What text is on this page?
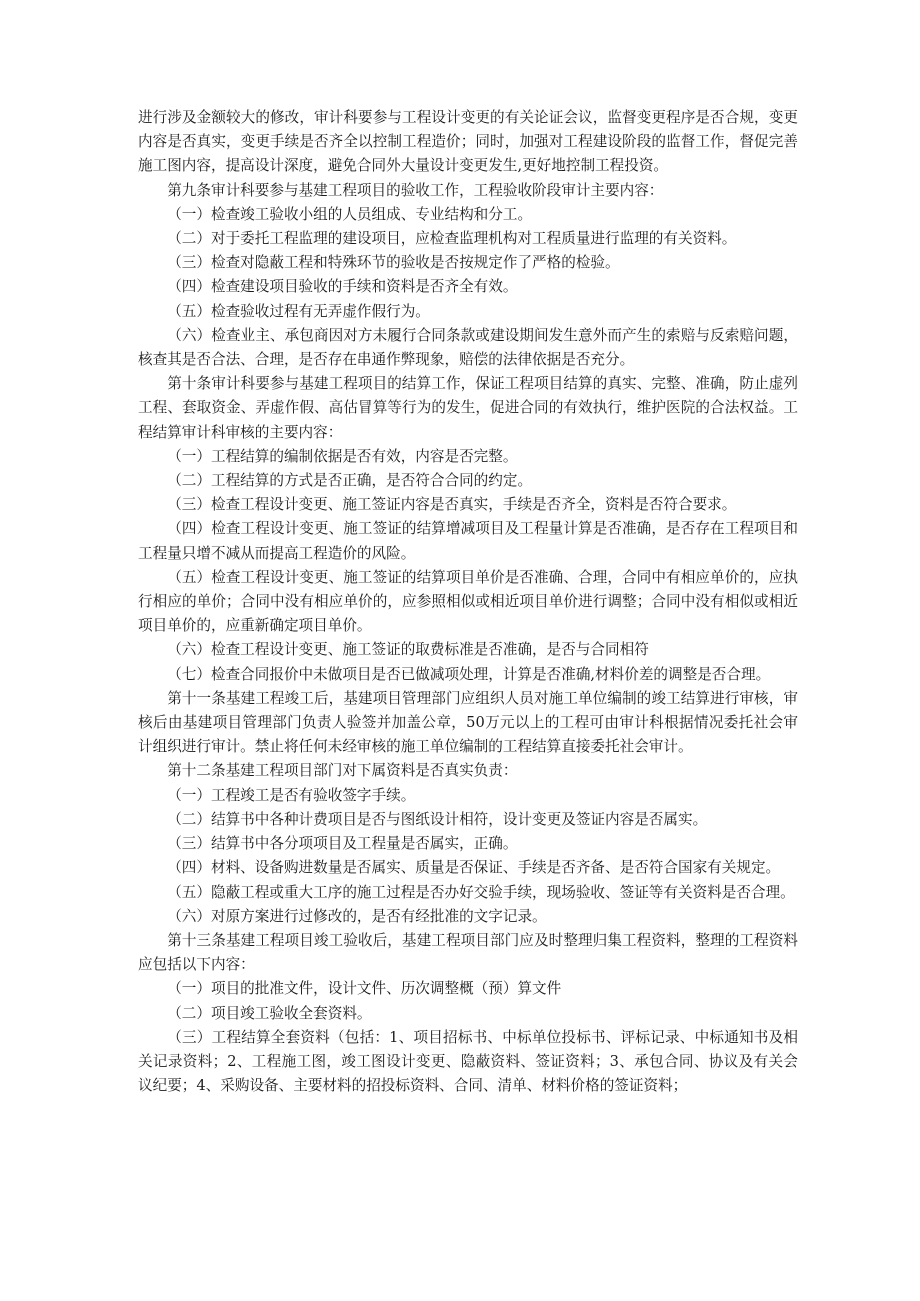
进行涉及金额较大的修改，审计科要参与工程设计变更的有关论证会议，监督变更程序是否合规，变更内容是否真实，变更手续是否齐全以控制工程造价；同时，加强对工程建设阶段的监督工作，督促完善施工图内容，提高设计深度，避免合同外大量设计变更发生,更好地控制工程投资。

第九条审计科要参与基建工程项目的验收工作，工程验收阶段审计主要内容：

（一）检查竣工验收小组的人员组成、专业结构和分工。

（二）对于委托工程监理的建设项目，应检查监理机构对工程质量进行监理的有关资料。

（三）检查对隐蔽工程和特殊环节的验收是否按规定作了严格的检验。

（四）检查建设项目验收的手续和资料是否齐全有效。

（五）检查验收过程有无弄虚作假行为。

（六）检查业主、承包商因对方未履行合同条款或建设期间发生意外而产生的索赔与反索赔问题，核查其是否合法、合理，是否存在串通作弊现象，赔偿的法律依据是否充分。

第十条审计科要参与基建工程项目的结算工作，保证工程项目结算的真实、完整、准确，防止虚列工程、套取资金、弄虚作假、高估冒算等行为的发生，促进合同的有效执行，维护医院的合法权益。工程结算审计科审核的主要内容：

（一）工程结算的编制依据是否有效，内容是否完整。

（二）工程结算的方式是否正确，是否符合合同的约定。

（三）检查工程设计变更、施工签证内容是否真实，手续是否齐全，资料是否符合要求。

（四）检查工程设计变更、施工签证的结算增减项目及工程量计算是否准确，是否存在工程项目和工程量只增不减从而提高工程造价的风险。

（五）检查工程设计变更、施工签证的结算项目单价是否准确、合理，合同中有相应单价的，应执行相应的单价；合同中没有相应单价的，应参照相似或相近项目单价进行调整；合同中没有相似或相近项目单价的，应重新确定项目单价。

（六）检查工程设计变更、施工签证的取费标准是否准确，是否与合同相符

（七）检查合同报价中未做项目是否已做减项处理，计算是否准确,材料价差的调整是否合理。

第十一条基建工程竣工后，基建项目管理部门应组织人员对施工单位编制的竣工结算进行审核，审核后由基建项目管理部门负责人验签并加盖公章，50万元以上的工程可由审计科根据情况委托社会审计组织进行审计。禁止将任何未经审核的施工单位编制的工程结算直接委托社会审计。

第十二条基建工程项目部门对下属资料是否真实负责：

（一）工程竣工是否有验收签字手续。

（二）结算书中各种计费项目是否与图纸设计相符，设计变更及签证内容是否属实。

（三）结算书中各分项项目及工程量是否属实，正确。

（四）材料、设备购进数量是否属实、质量是否保证、手续是否齐备、是否符合国家有关规定。

（五）隐蔽工程或重大工序的施工过程是否办好交验手续，现场验收、签证等有关资料是否合理。

（六）对原方案进行过修改的，是否有经批准的文字记录。

第十三条基建工程项目竣工验收后，基建工程项目部门应及时整理归集工程资料，整理的工程资料应包括以下内容：

（一）项目的批准文件，设计文件、历次调整概（预）算文件

（二）项目竣工验收全套资料。

（三）工程结算全套资料（包括：1、项目招标书、中标单位投标书、评标记录、中标通知书及相关记录资料；2、工程施工图，竣工图设计变更、隐蔽资料、签证资料；3、承包合同、协议及有关会议纪要；4、采购设备、主要材料的招投标资料、合同、清单、材料价格的签证资料；
